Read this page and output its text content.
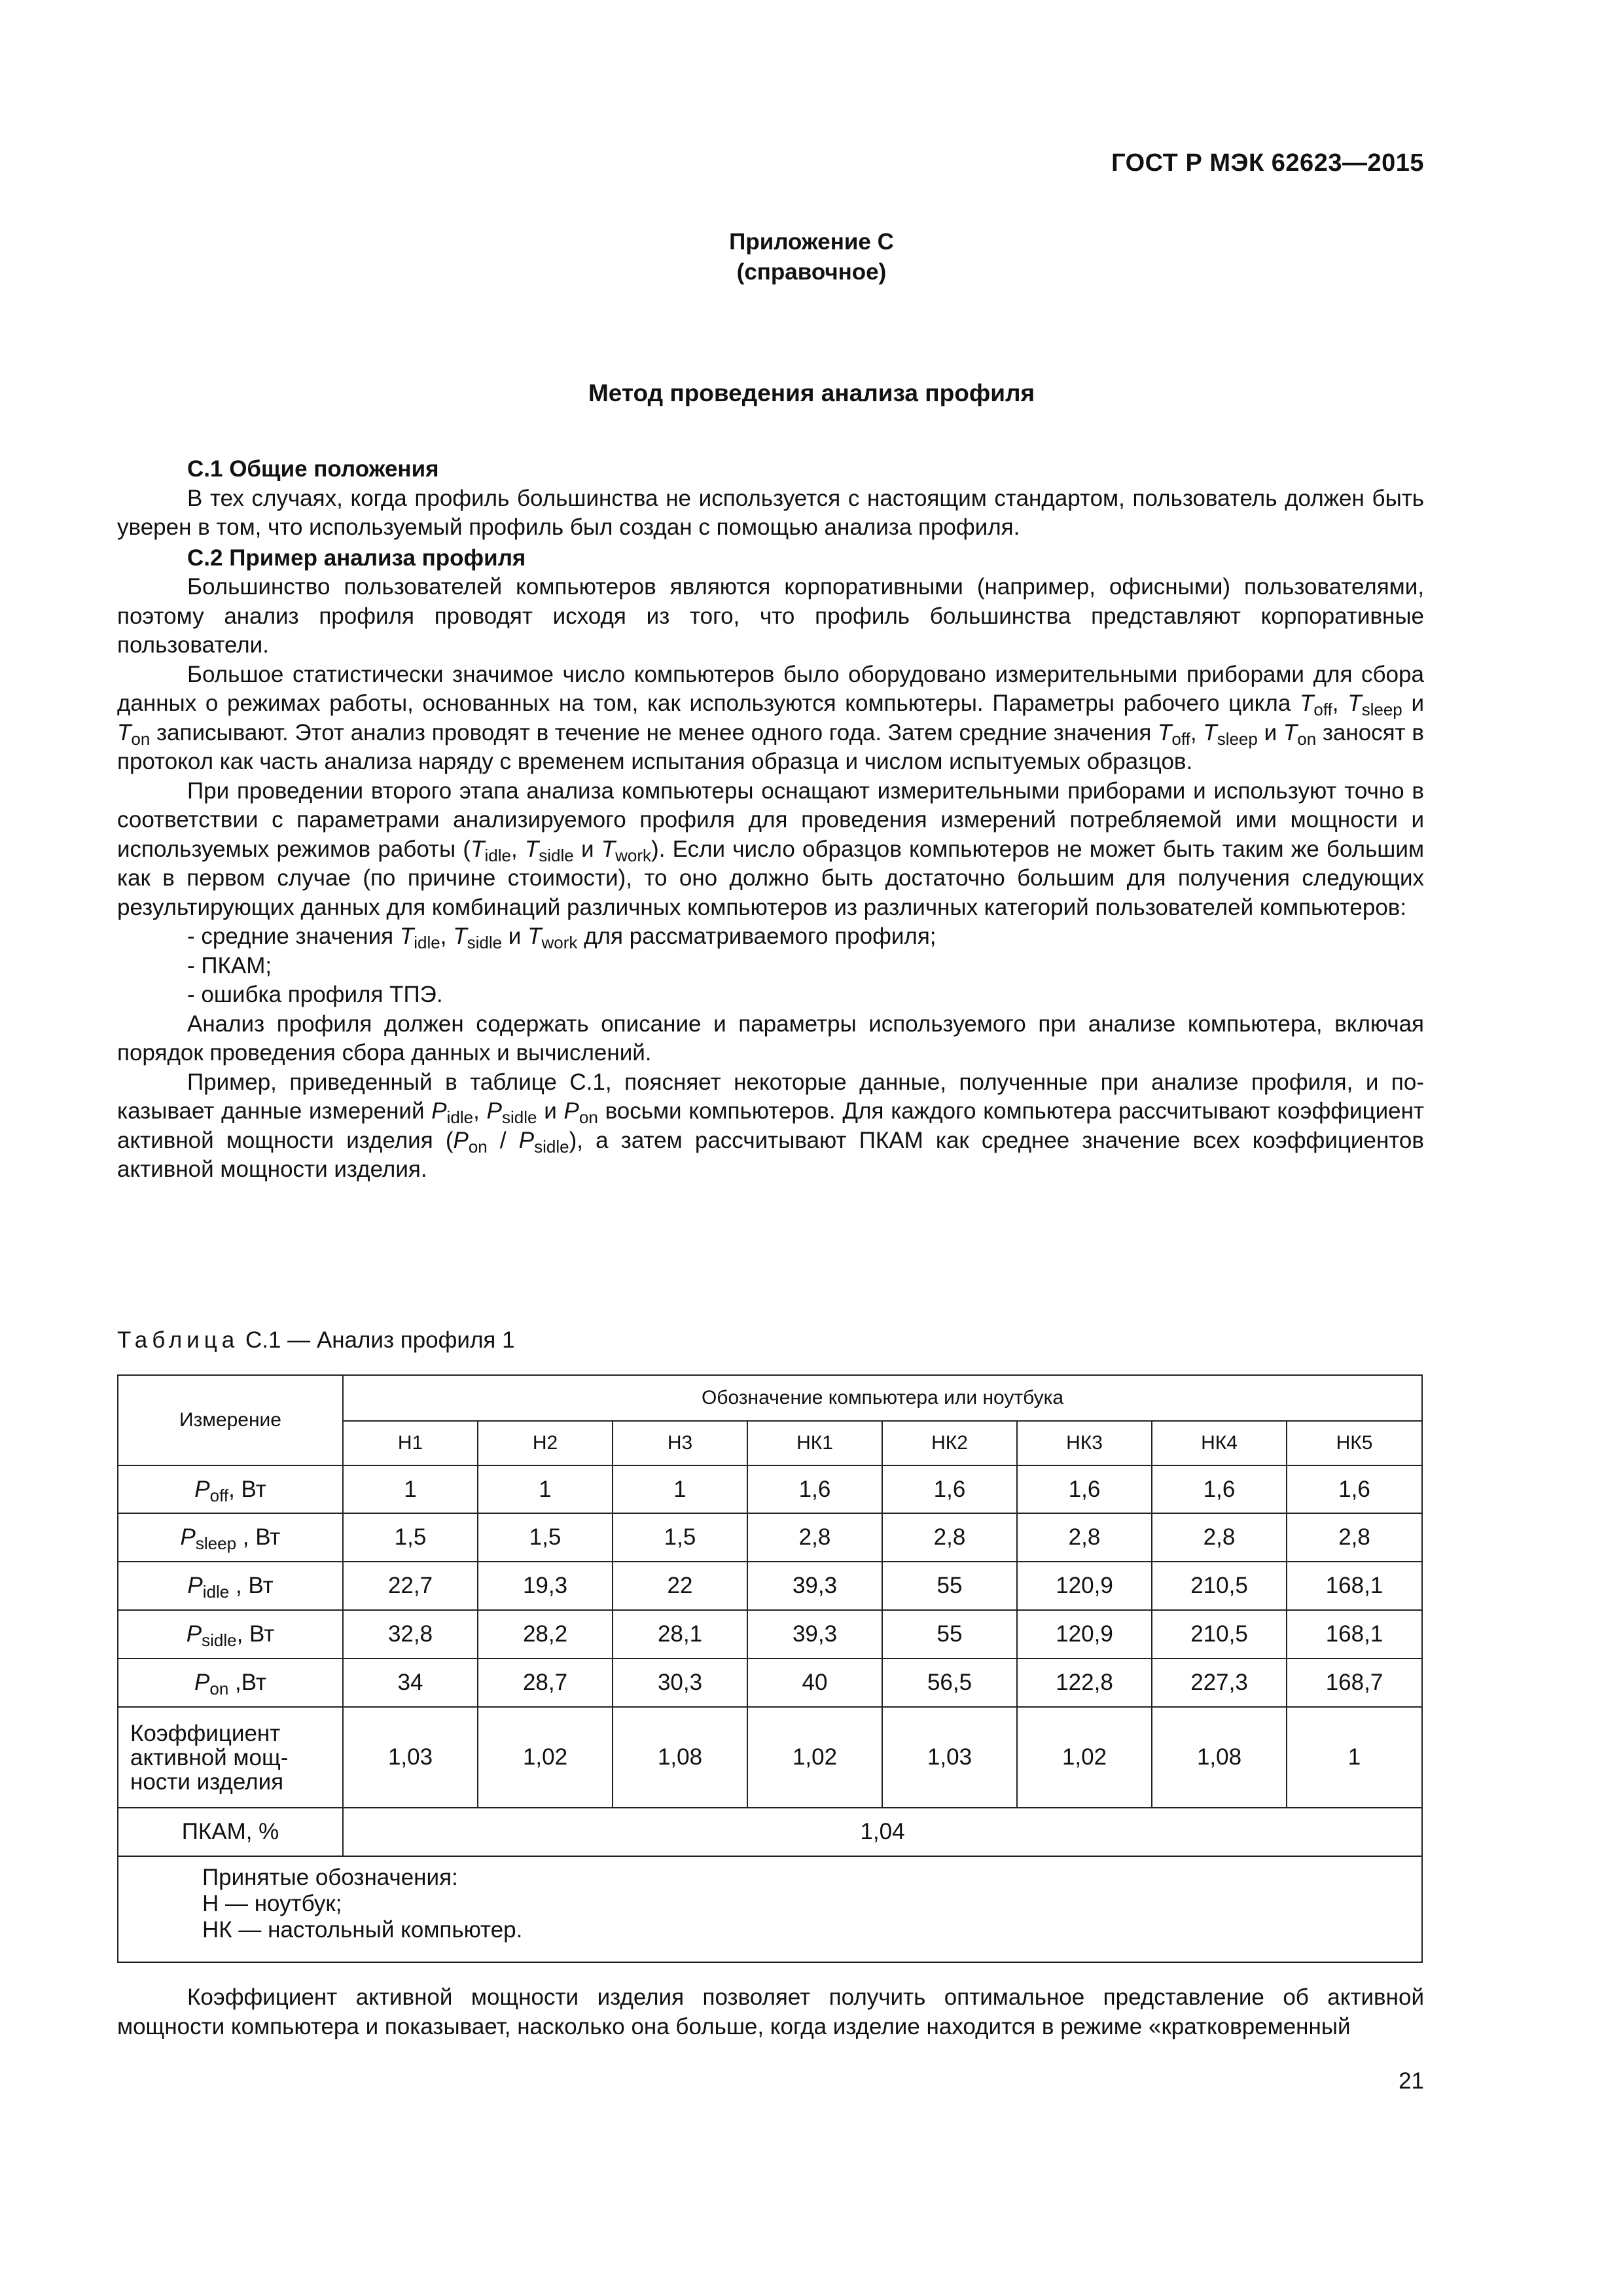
ГОСТ Р МЭК 62623—2015
Приложение С
(справочное)
Метод проведения анализа профиля
С.1 Общие положения

В тех случаях, когда профиль большинства не используется с настоящим стандартом, пользователь должен быть уверен в том, что используемый профиль был создан с помощью анализа профиля.

С.2 Пример анализа профиля

Большинство пользователей компьютеров являются корпоративными (например, офисными) пользователями, поэтому анализ профиля проводят исходя из того, что профиль большинства представляют корпоративные пользователи.

Большое статистически значимое число компьютеров было оборудовано измерительными приборами для сбора данных о режимах работы, основанных на том, как используются компьютеры. Параметры рабочего цикла $T_{off}$, $T_{sleep}$ и $T_{on}$ записывают. Этот анализ проводят в течение не менее одного года. Затем средние значения $T_{off}$, $T_{sleep}$ и $T_{on}$ заносят в протокол как часть анализа наряду с временем испытания образца и числом испытуемых образцов.

При проведении второго этапа анализа компьютеры оснащают измерительными приборами и используют точно в соответствии с параметрами анализируемого профиля для проведения измерений потребляемой ими мощности и используемых режимов работы ($T_{idle}$, $T_{sidle}$ и $T_{work}$). Если число образцов компьютеров не может быть таким же большим как в первом случае (по причине стоимости), то оно должно быть достаточно большим для получения следующих результирующих данных для комбинаций различных компьютеров из различных категорий пользователей компьютеров:

- средние значения $T_{idle}$, $T_{sidle}$ и $T_{work}$ для рассматриваемого профиля;
- ПКАМ;
- ошибка профиля ТПЭ.

Анализ профиля должен содержать описание и параметры используемого при анализе компьютера, включая порядок проведения сбора данных и вычислений.

Пример, приведенный в таблице С.1, поясняет некоторые данные, полученные при анализе профиля, и показывает данные измерений $P_{idle}$, $P_{sidle}$ и $P_{on}$ восьми компьютеров. Для каждого компьютера рассчитывают коэффициент активной мощности изделия $(P_{on} / P_{sidle})$, а затем рассчитывают ПКАМ как среднее значение всех коэффициентов активной мощности изделия.

Таблица С.1 — Анализ профиля 1
Измерение	Обозначение компьютера или ноутбука							
	Н1	Н2	Н3	НК1	НК2	НК3	НК4	НК5
$P_{off}$, Вт	1	1	1	1,6	1,6	1,6	1,6	1,6
$P_{sleep}$ , Вт	1,5	1,5	1,5	2,8	2,8	2,8	2,8	2,8
$P_{idle}$ , Вт	22,7	19,3	22	39,3	55	120,9	210,5	168,1
$P_{sidle}$, Вт	32,8	28,2	28,1	39,3	55	120,9	210,5	168,1
$P_{on}$ ,Вт	34	28,7	30,3	40	56,5	122,8	227,3	168,7
Коэффициент
активной мощ-
ности изделия	1,03	1,02	1,08	1,02	1,03	1,02	1,08	1
ПКАМ, %	1,04							

Принятые обозначения:
Н — ноутбук;
НК — настольный компьютер.								

Коэффициент активной мощности изделия позволяет получить оптимальное представление об активной мощности компьютера и показывает, насколько она больше, когда изделие находится в режиме «кратковременный

21
